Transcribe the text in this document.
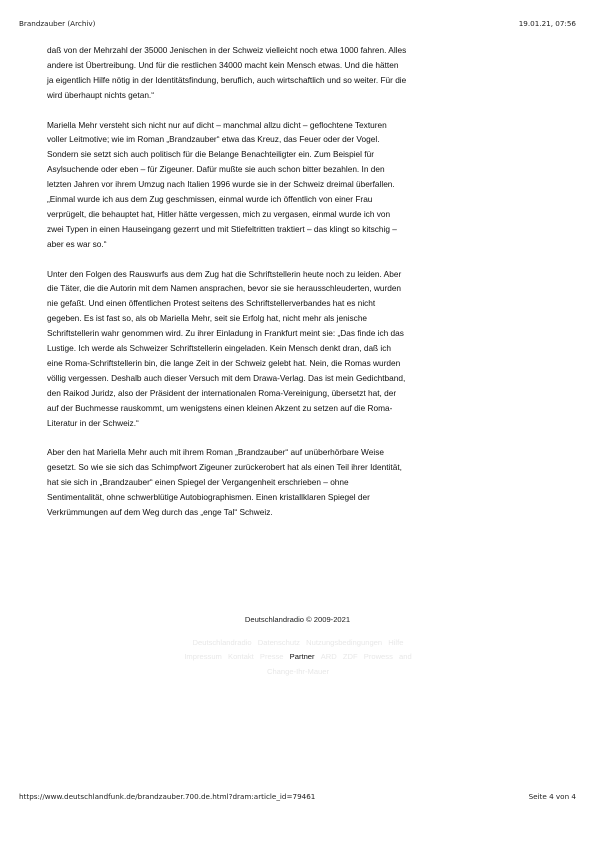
Brandzauber (Archiv)	19.01.21, 07:56

daß von der Mehrzahl der 35000 Jenischen in der Schweiz vielleicht noch etwa 1000 fahren. Alles andere ist Übertreibung. Und für die restlichen 34000 macht kein Mensch etwas. Und die hätten ja eigentlich Hilfe nötig in der Identitätsfindung, beruflich, auch wirtschaftlich und so weiter. Für die wird überhaupt nichts getan.“

Mariella Mehr versteht sich nicht nur auf dicht – manchmal allzu dicht – geflochtene Texturen voller Leitmotive; wie im Roman „Brandzauber“ etwa das Kreuz, das Feuer oder der Vogel. Sondern sie setzt sich auch politisch für die Belange Benachteiligter ein. Zum Beispiel für Asylsuchende oder eben – für Zigeuner. Dafür mußte sie auch schon bitter bezahlen. In den letzten Jahren vor ihrem Umzug nach Italien 1996 wurde sie in der Schweiz dreimal überfallen. „Einmal wurde ich aus dem Zug geschmissen, einmal wurde ich öffentlich von einer Frau verprügelt, die behauptet hat, Hitler hätte vergessen, mich zu vergasen, einmal wurde ich von zwei Typen in einen Hauseingang gezerrt und mit Stiefeltritten traktiert – das klingt so kitschig – aber es war so.“

Unter den Folgen des Rauswurfs aus dem Zug hat die Schriftstellerin heute noch zu leiden. Aber die Täter, die die Autorin mit dem Namen ansprachen, bevor sie sie herausschleuderten, wurden nie gefaßt. Und einen öffentlichen Protest seitens des Schriftstellerverbandes hat es nicht gegeben. Es ist fast so, als ob Mariella Mehr, seit sie Erfolg hat, nicht mehr als jenische Schriftstellerin wahr genommen wird. Zu ihrer Einladung in Frankfurt meint sie: „Das finde ich das Lustige. Ich werde als Schweizer Schriftstellerin eingeladen. Kein Mensch denkt dran, daß ich eine Roma-Schriftstellerin bin, die lange Zeit in der Schweiz gelebt hat. Nein, die Romas wurden völlig vergessen. Deshalb auch dieser Versuch mit dem Drawa-Verlag. Das ist mein Gedichtband, den Raikod Juridz, also der Präsident der internationalen Roma-Vereinigung, übersetzt hat, der auf der Buchmesse rauskommt, um wenigstens einen kleinen Akzent zu setzen auf die Roma-Literatur in der Schweiz.“

Aber den hat Mariella Mehr auch mit ihrem Roman „Brandzauber“ auf unüberhörbare Weise gesetzt. So wie sie sich das Schimpfwort Zigeuner zurückerobert hat als einen Teil ihrer Identität, hat sie sich in „Brandzauber“ einen Spiegel der Vergangenheit erschrieben – ohne Sentimentalität, ohne schwerblütige Autobiographismen. Einen kristallklaren Spiegel der Verkrümmungen auf dem Weg durch das „enge Tal“ Schweiz.

Deutschlandradio © 2009-2021
Deutschlandradio Datenschutz Nutzungsbedingungen Hilfe Impressum Kontakt Presse Partner ARD ZDF Prowess and Change-Ihr-Mauer
https://www.deutschlandfunk.de/brandzauber.700.de.html?dram:article_id=79461	Seite 4 von 4
